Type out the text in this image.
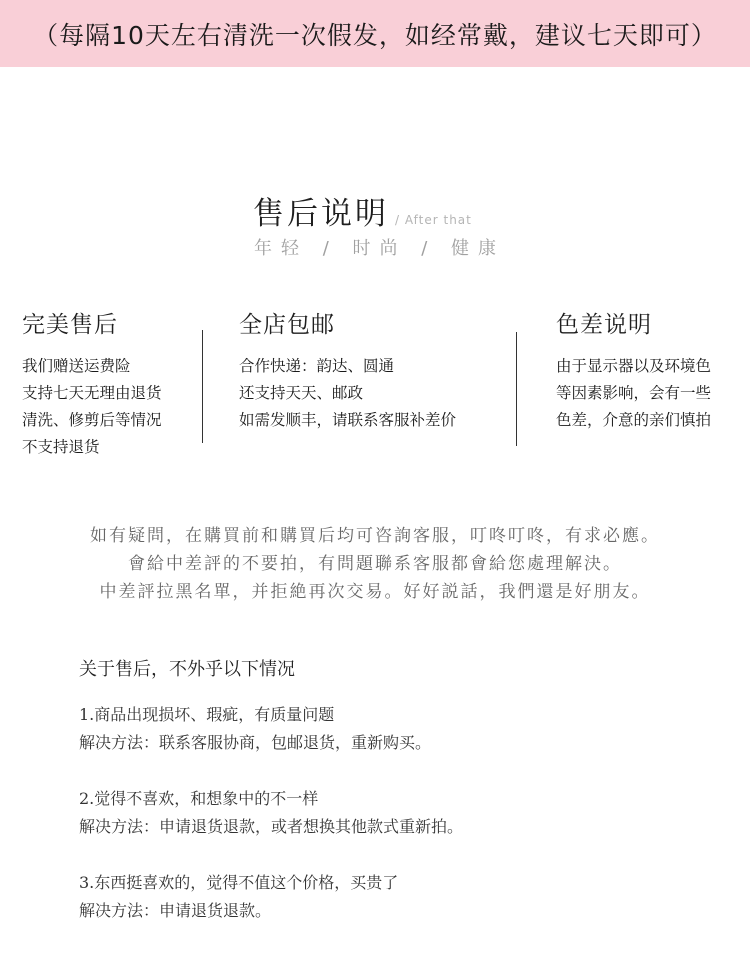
（每隔10天左右清洗一次假发，如经常戴，建议七天即可）
售后说明 / After that
年轻 / 时尚 / 健康
完美售后
我们赠送运费险
支持七天无理由退货
清洗、修剪后等情况
不支持退货
全店包邮
合作快递：韵达、圆通
还支持天天、邮政
如需发顺丰，请联系客服补差价
色差说明
由于显示器以及环境色等因素影响，会有一些色差，介意的亲们慎拍

如有疑問，在購買前和購買后均可咨詢客服，叮咚叮咚，有求必應。

會給中差評的不要拍，有問題聯系客服都會給您處理解決。

中差評拉黑名單，并拒絶再次交易。好好説話，我們還是好朋友。

关于售后，不外乎以下情况

1.商品出现损坏、瑕疵，有质量问题

解决方法：联系客服协商，包邮退货，重新购买。

2.觉得不喜欢，和想象中的不一样

解决方法：申请退货退款，或者想换其他款式重新拍。

3.东西挺喜欢的，觉得不值这个价格，买贵了

解决方法：申请退货退款。
